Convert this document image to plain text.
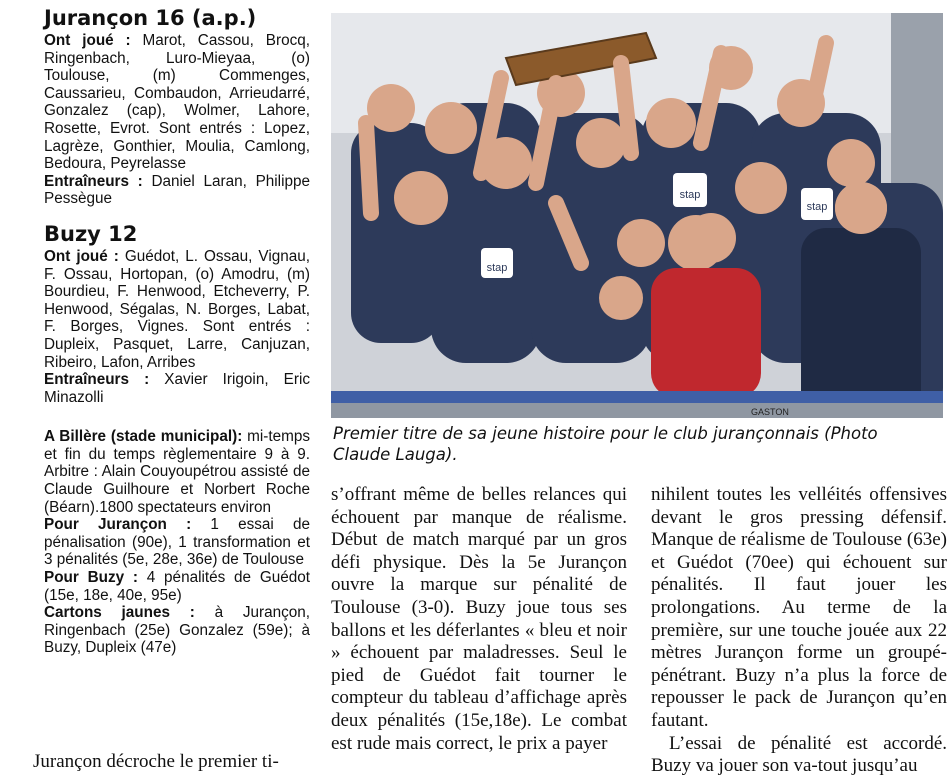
Jurançon 16 (a.p.)
Ont joué : Marot, Cassou, Brocq, Ringenbach, Luro-Mieyaa, (o) Toulouse, (m) Commenges, Caussarieu, Combaudon, Arrieudarré, Gonzalez (cap), Wolmer, Lahore, Rosette, Evrot. Sont entrés : Lopez, Lagrèze, Gonthier, Moulia, Camlong, Bedoura, Peyrelasse
Entraîneurs : Daniel Laran, Philippe Pessègue
Buzy 12
Ont joué : Guédot, L. Ossau, Vignau, F. Ossau, Hortopan, (o) Amodru, (m) Bourdieu, F. Henwood, Etcheverry, P. Henwood, Ségalas, N. Borges, Labat, F. Borges, Vignes. Sont entrés : Dupleix, Pasquet, Larre, Canjuzan, Ribeiro, Lafon, Arribes
Entraîneurs : Xavier Irigoin, Eric Minazolli
A Billère (stade municipal): mi-temps et fin du temps règlementaire 9 à 9. Arbitre : Alain Couyoupétrou assisté de Claude Guilhoure et Norbert Roche (Béarn).1800 spectateurs environ
Pour Jurançon : 1 essai de pénalisation (90e), 1 transformation et 3 pénalités (5e, 28e, 36e) de Toulouse
Pour Buzy : 4 pénalités de Guédot (15e, 18e, 40e, 95e)
Cartons jaunes : à Jurançon, Ringenbach (25e) Gonzalez (59e); à Buzy, Dupleix (47e)
stap
stap
stap
GASTON
Premier titre de sa jeune histoire pour le club jurançonnais (Photo Claude Lauga).
s’offrant même de belles relances qui échouent par manque de réalisme. Début de match marqué par un gros défi physique. Dès la 5e Jurançon ouvre la marque sur pénalité de Toulouse (3-0). Buzy joue tous ses ballons et les déferlantes « bleu et noir » échouent par maladresses. Seul le pied de Guédot fait tourner le compteur du tableau d’affichage après deux pénalités (15e,18e). Le combat est rude mais correct, le prix a payer
nihilent toutes les velléités offensives devant le gros pressing défensif. Manque de réalisme de Toulouse (63e) et Guédot (70ee) qui échouent sur pénalités. Il faut jouer les prolongations. Au terme de la première, sur une touche jouée aux 22 mètres Jurançon forme un groupé-pénétrant. Buzy n’a plus la force de repousser le pack de Jurançon qu’en fautant.
L’essai de pénalité est accordé. Buzy va jouer son va-tout jusqu’au
Jurançon décroche le premier ti-
